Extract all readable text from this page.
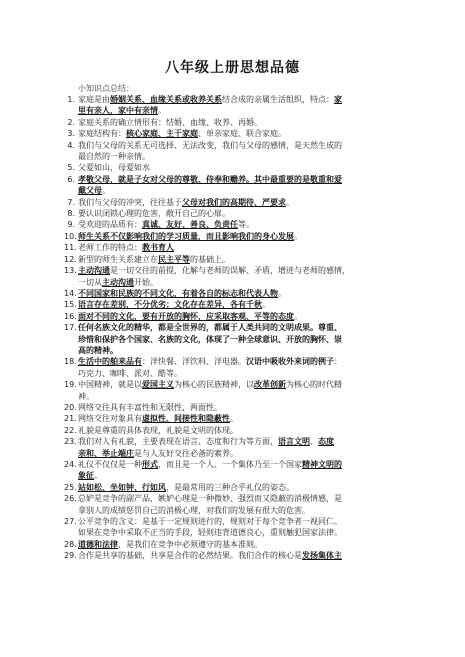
八年级上册思想品德
小知识点总结：
1. 家庭是由婚姻关系、血缘关系或收养关系结合成的亲属生活组织，特点：家
里有亲人，家中有亲情。
2. 家庭关系的确立情形有：结婚、血缘、收养、再婚。
3. 家庭结构有：核心家庭、主干家庭、单亲家庭、联合家庭。
4. 我们与父母的关系无可选择、无法改变，我们与父母的感情，是天然生成的
最自然的一种亲情。
5. 父爱如山，母爱如水
6. 孝敬父母，就是子女对父母的尊敬、侍奉和赡养。其中最重要的是敬重和爱
戴父母。
7. 我们与父母的冲突，往往基于父母对我们的高期待、严要求。
8. 要认识闭锁心理的危害，敞开自己的心扉。
9. 受欢迎的品质有：真诚、友好、善良、负责任等。
10. 师生关系不仅影响我们的学习质量，而且影响我们的身心发展。
11. 老师工作的特点：教书育人
12. 新型的师生关系建立在民主平等的基础上。
13. 主动沟通是一切交往的前提，化解与老师的误解、矛盾，增进与老师的感情，
一切从主动沟通开始。
14. 不同国家和民族的不同文化，有着各自的标志和代表人物。
15. 语言存在差别，不分优劣；文化存在差异，各有千秋。
16. 面对不同的文化，要有开放的胸怀，应采取客观、平等的态度。
17. 任何名族文化的精华，都是全世界的，都属于人类共同的文明成果。尊重、
珍惜和保护各个国家、名族的文化，体现了一种全球意识、开放的胸怀、崇
高的精神。
18. 生活中的舶来品有：洋快餐、洋饮料、洋电器。汉语中吸收外来词的例子：
巧克力、咖啡、派对、酷等。
19. 中国精神，就是以爱国主义为核心的民族精神，以改革创新为核心的时代精
神。
20. 网络交往具有丰富性和无限性，两面性。
21. 网络交往对象具有虚拟性、间接性和隐蔽性。
22. 礼貌是尊重的具体表现，礼貌是文明的体现。
23. 我们对人有礼貌，主要表现在语言、态度和行为等方面，语言文明、态度
亲和、举止端庄是与人友好交往必备的素养。
24. 礼仪不仅仅是一种形式，而且是一个人、一个集体乃至一个国家精神文明的
象征。
25. 站如松、坐如钟、行如风，是最常用的三种合乎礼仪的姿态。
26. 总妒是竞争的副产品，嫉妒心理是一种微妙、强烈而又隐蔽的消极情感，是
拿别人的成绩惩罚自己的消极心理，对我们的发展有很大的危害。
27. 公平竞争的含义：是基于一定规则进行的，规则对于每个竞争者一视同仁。
如果在竞争中采取不正当的手段，轻则违背道德良心，重则触犯国家法律。
28. 道德和法律，是我们在竞争中必须遵守的基本准则。
29. 合作是共享的基础，共享是合作的必然结果。我们合作的核心是发扬集体主
